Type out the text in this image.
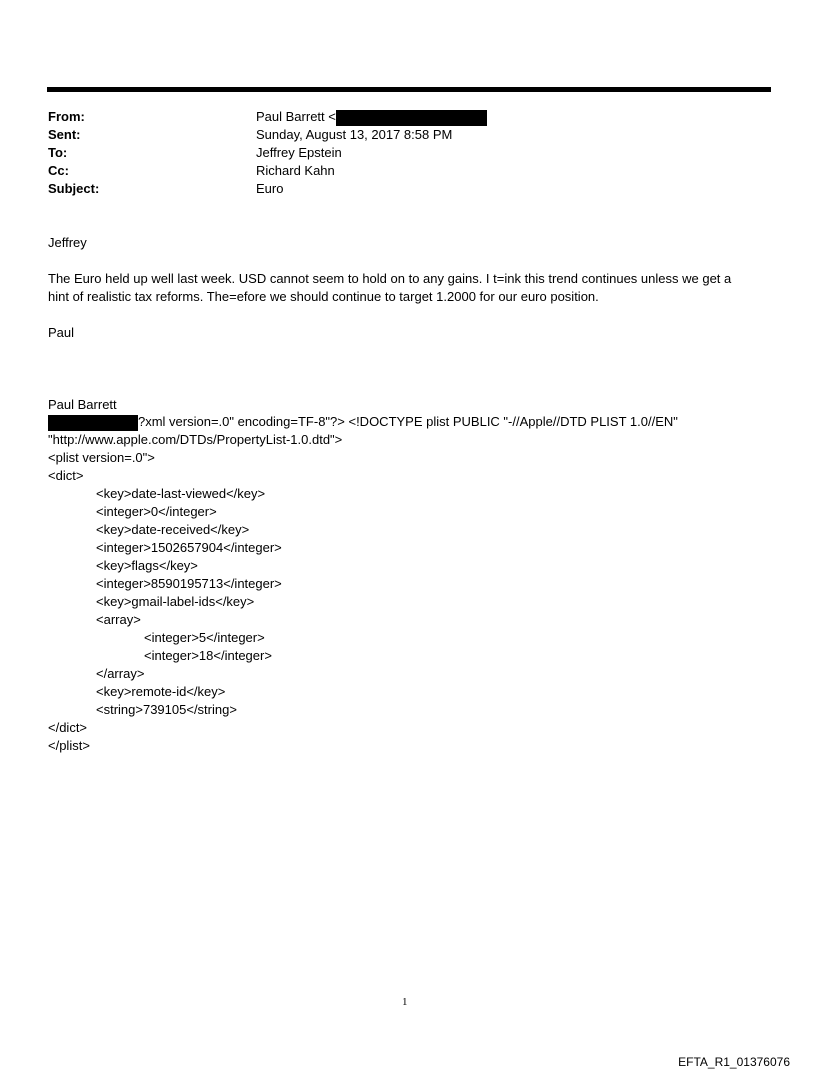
From:	Paul Barrett <
Sent:	Sunday, August 13, 2017 8:58 PM
To:	Jeffrey Epstein
Cc:	Richard Kahn
Subject:	Euro
Jeffrey
The Euro held up well last week. USD cannot seem to hold on to any gains. I t=ink this trend continues unless we get a
hint of realistic tax reforms. The=efore we should continue to target 1.2000 for our euro position.
Paul
Paul Barrett
?xml version=.0" encoding=TF-8"?> <!DOCTYPE plist PUBLIC "-//Apple//DTD PLIST 1.0//EN"
"http://www.apple.com/DTDs/PropertyList-1.0.dtd">
<plist version=.0">
<dict>
<key>date-last-viewed</key>
<integer>0</integer>
<key>date-received</key>
<integer>1502657904</integer>
<key>flags</key>
<integer>8590195713</integer>
<key>gmail-label-ids</key>
<array>
<integer>5</integer>
<integer>18</integer>
</array>
<key>remote-id</key>
<string>739105</string>
</dict>
</plist>
1
EFTA_R1_01376076
